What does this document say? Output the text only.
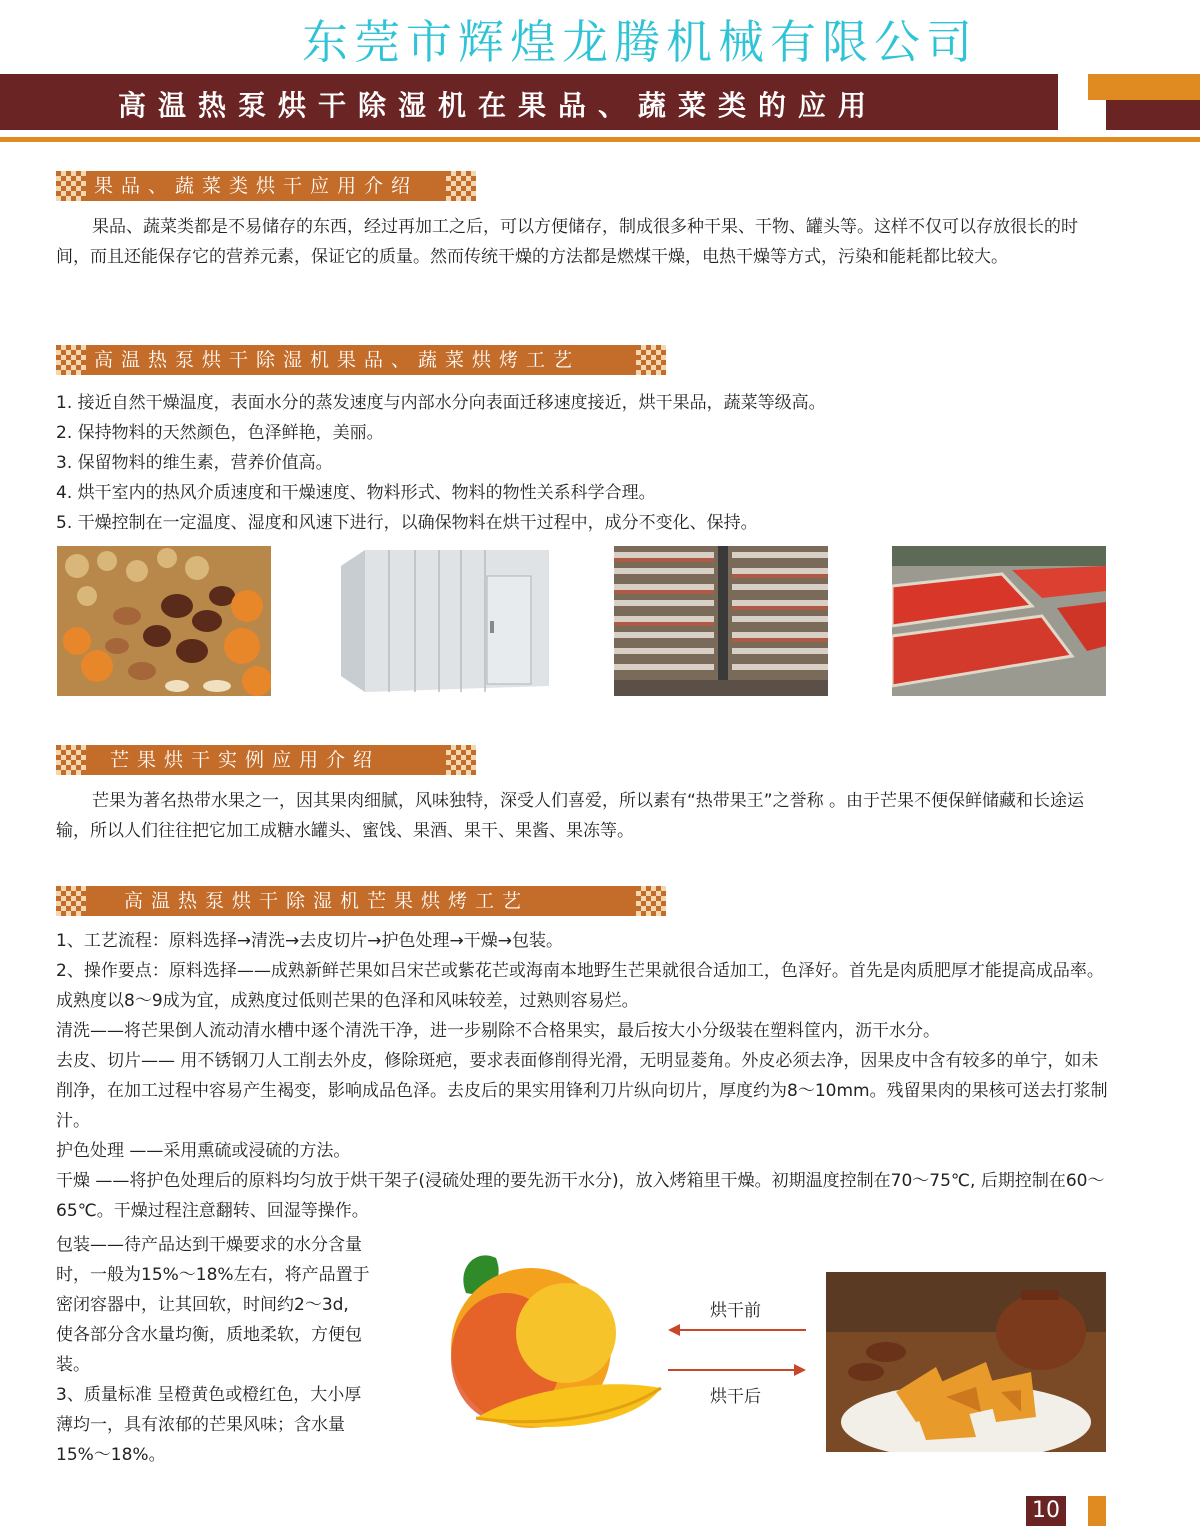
东莞市辉煌龙腾机械有限公司
高温热泵烘干除湿机在果品、蔬菜类的应用
果品、蔬菜类烘干应用介绍
果品、蔬菜类都是不易储存的东西，经过再加工之后，可以方便储存，制成很多种干果、干物、罐头等。这样不仅可以存放很长的时间，而且还能保存它的营养元素，保证它的质量。然而传统干燥的方法都是燃煤干燥，电热干燥等方式，污染和能耗都比较大。
高温热泵烘干除湿机果品、蔬菜烘烤工艺

1. 接近自然干燥温度，表面水分的蒸发速度与内部水分向表面迁移速度接近，烘干果品，蔬菜等级高。

2. 保持物料的天然颜色，色泽鲜艳，美丽。

3. 保留物料的维生素，营养价值高。

4. 烘干室内的热风介质速度和干燥速度、物料形式、物料的物性关系科学合理。

5. 干燥控制在一定温度、湿度和风速下进行，以确保物料在烘干过程中，成分不变化、保持。

芒果烘干实例应用介绍
芒果为著名热带水果之一，因其果肉细腻，风味独特，深受人们喜爱，所以素有“热带果王”之誉称 。由于芒果不便保鲜储藏和长途运输，所以人们往往把它加工成糖水罐头、蜜饯、果酒、果干、果酱、果冻等。
高温热泵烘干除湿机芒果烘烤工艺

1、工艺流程：原料选择→清洗→去皮切片→护色处理→干燥→包装。

2、操作要点：原料选择——成熟新鲜芒果如吕宋芒或紫花芒或海南本地野生芒果就很合适加工，色泽好。首先是肉质肥厚才能提高成品率。成熟度以8～9成为宜，成熟度过低则芒果的色泽和风味较差，过熟则容易烂。

清洗——将芒果倒人流动清水槽中逐个清洗干净，进一步剔除不合格果实，最后按大小分级装在塑料筐内，沥干水分。

去皮、切片—— 用不锈钢刀人工削去外皮，修除斑疤，要求表面修削得光滑，无明显菱角。外皮必须去净，因果皮中含有较多的单宁，如未削净，在加工过程中容易产生褐变，影响成品色泽。去皮后的果实用锋利刀片纵向切片，厚度约为8～10mm。残留果肉的果核可送去打浆制汁。

护色处理 ——采用熏硫或浸硫的方法。

干燥 ——将护色处理后的原料均匀放于烘干架子(浸硫处理的要先沥干水分)，放入烤箱里干燥。初期温度控制在70～75℃, 后期控制在60～65℃。干燥过程注意翻转、回湿等操作。

包装——待产品达到干燥要求的水分含量时，一般为15%～18%左右，将产品置于密闭容器中，让其回软，时间约2～3d, 使各部分含水量均衡，质地柔软，方便包装。

3、质量标准 呈橙黄色或橙红色，大小厚薄均一，具有浓郁的芒果风味；含水量15%～18%。

烘干前
烘干后
10
